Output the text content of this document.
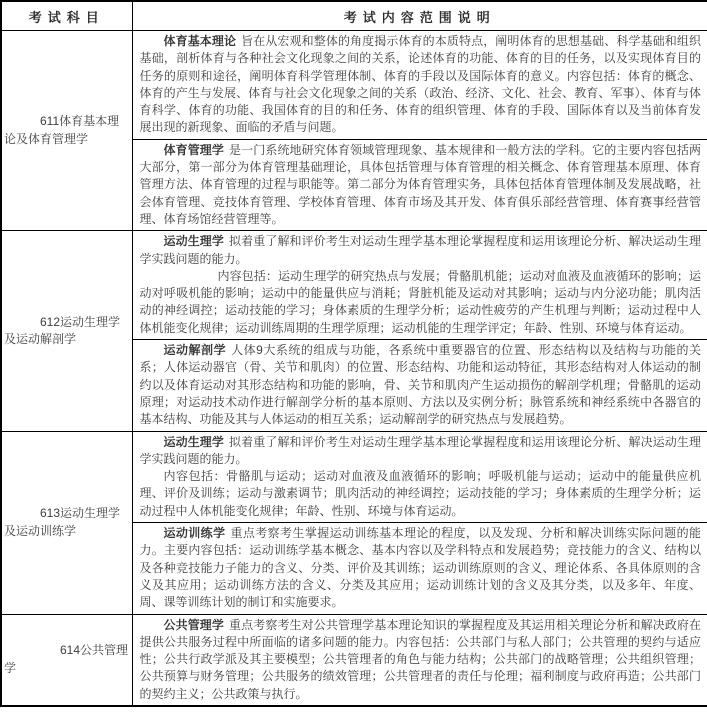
考试科目	考试内容范围说明

611体育基本理论及体育管理学	体育基本理论 旨在从宏观和整体的角度揭示体育的本质特点，阐明体育的思想基础、科学基础和组织基础，剖析体育与各种社会文化现象之间的关系，论述体育的功能、体育的目的任务，以及实现体育目的任务的原则和途径，阐明体育科学管理体制、体育的手段以及国际体育的意义。内容包括：体育的概念、体育的产生与发展、体育与社会文化现象之间的关系（政治、经济、文化、社会、教育、军事）、体育与体育科学、体育的功能、我国体育的目的和任务、体育的组织管理、体育的手段、国际体育以及当前体育发展出现的新现象、面临的矛盾与问题。

	体育管理学 是一门系统地研究体育领域管理现象、基本规律和一般方法的学科。它的主要内容包括两大部分，第一部分为体育管理基础理论，具体包括管理与体育管理的相关概念、体育管理基本原理、体育管理方法、体育管理的过程与职能等。第二部分为体育管理实务，具体包括体育管理体制及发展战略，社会体育管理、竞技体育管理、学校体育管理、体育市场及其开发、体育俱乐部经营管理、体育赛事经营管理、体育场馆经营管理等。

612运动生理学及运动解剖学	运动生理学 拟着重了解和评价考生对运动生理学基本理论掌握程度和运用该理论分析、解决运动生理学实践问题的能力。

内容包括：运动生理学的研究热点与发展；骨骼肌机能；运动对血液及血液循环的影响；运动对呼吸机能的影响；运动中的能量供应与消耗；肾脏机能及运动对其影响；运动与内分泌功能；肌肉活动的神经调控；运动技能的学习；身体素质的生理学分析；运动性疲劳的产生机理与判断；运动过程中人体机能变化规律；运动训练周期的生理学原理；运动机能的生理学评定；年龄、性别、环境与体育运动。

	运动解剖学 人体9大系统的组成与功能，各系统中重要器官的位置、形态结构以及结构与功能的关系；人体运动器官（骨、关节和肌肉）的位置、形态结构、功能和运动特征，其形态结构对人体运动的制约以及体育运动对其形态结构和功能的影响，骨、关节和肌肉产生运动损伤的解剖学机理；骨骼肌的运动原理；对运动技术动作进行解剖学分析的基本原则、方法以及实例分析；脉管系统和神经系统中各器官的基本结构、功能及其与人体运动的相互关系；运动解剖学的研究热点与发展趋势。

613运动生理学及运动训练学	运动生理学 拟着重了解和评价考生对运动生理学基本理论掌握程度和运用该理论分析、解决运动生理学实践问题的能力。

内容包括：骨骼肌与运动；运动对血液及血液循环的影响；呼吸机能与运动；运动中的能量供应机理、评价及训练；运动与激素调节；肌肉活动的神经调控；运动技能的学习；身体素质的生理学分析；运动过程中人体机能变化规律；年龄、性别、环境与体育运动。

	运动训练学 重点考察考生掌握运动训练基本理论的程度，以及发现、分析和解决训练实际问题的能力。主要内容包括：运动训练学基本概念、基本内容以及学科特点和发展趋势；竞技能力的含义、结构以及各种竞技能力子能力的含义、分类、评价及其训练；运动训练原则的含义、理论体系、各具体原则的含义及其应用；运动训练方法的含义、分类及其应用；运动训练计划的含义及其分类，以及多年、年度、周、课等训练计划的制订和实施要求。

614公共管理学	公共管理学 重点考察考生对公共管理学基本理论知识的掌握程度及其运用相关理论分析和解决政府在提供公共服务过程中所面临的诸多问题的能力。内容包括：公共部门与私人部门；公共管理的契约与适应性；公共行政学派及其主要模型；公共管理者的角色与能力结构；公共部门的战略管理；公共组织管理；公共预算与财务管理；公共服务的绩效管理；公共管理者的责任与伦理；福利制度与政府再造；公共部门的契约主义；公共政策与执行。
